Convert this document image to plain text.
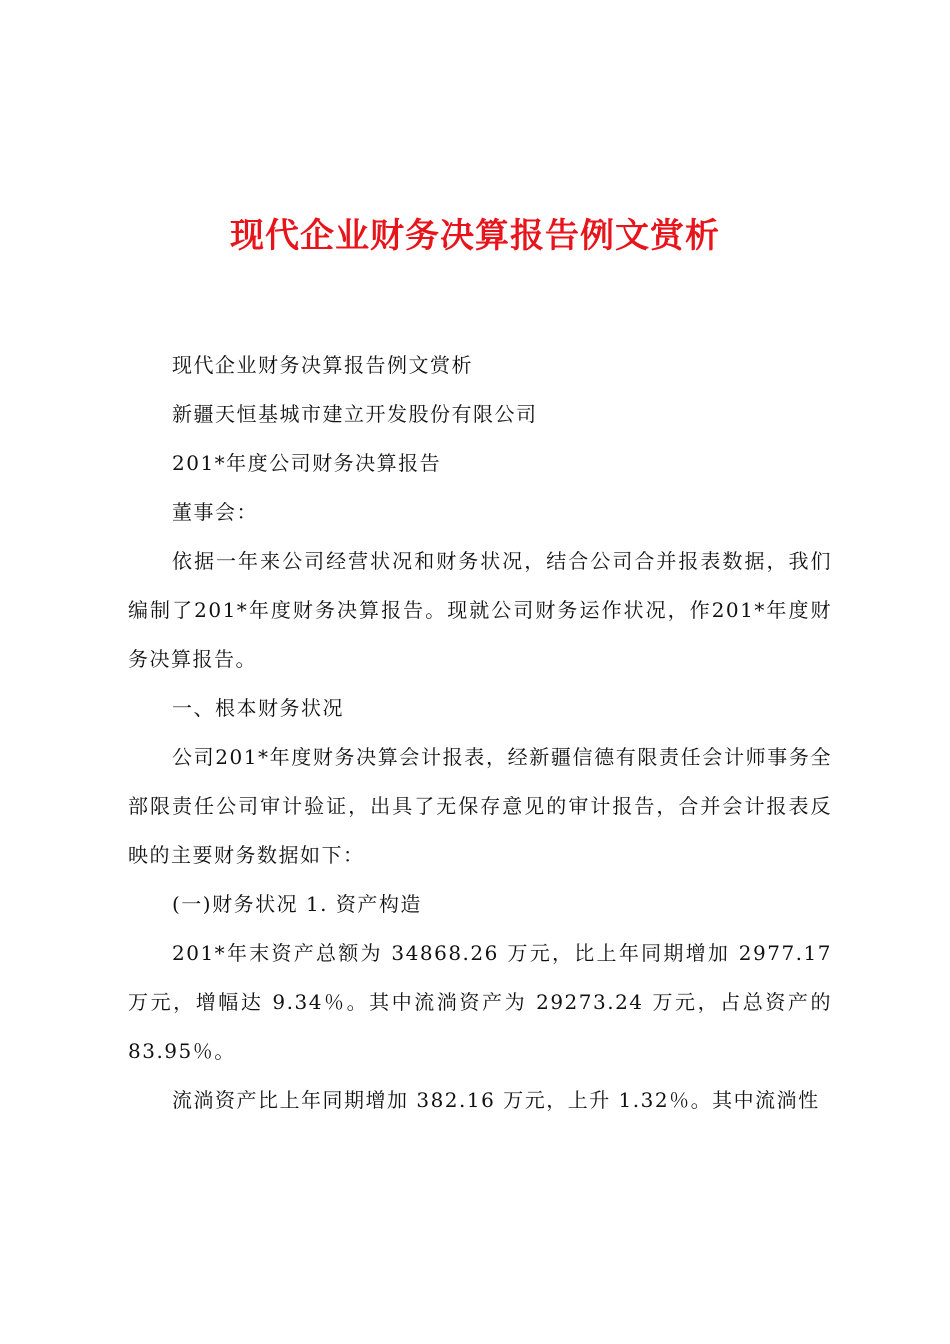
现代企业财务决算报告例文赏析

现代企业财务决算报告例文赏析

新疆天恒基城市建立开发股份有限公司

201*年度公司财务决算报告

董事会：

依据一年来公司经营状况和财务状况，结合公司合并报表数据，我们编制了201*年度财务决算报告。现就公司财务运作状况，作201*年度财务决算报告。

一、根本财务状况

公司201*年度财务决算会计报表，经新疆信德有限责任会计师事务全部限责任公司审计验证，出具了无保存意见的审计报告，合并会计报表反映的主要财务数据如下：

(一)财务状况 1. 资产构造

201*年末资产总额为 34868.26 万元，比上年同期增加 2977.17 万元，增幅达 9.34％。其中流淌资产为 29273.24 万元，占总资产的83.95％。

流淌资产比上年同期增加 382.16 万元，上升 1.32％。其中流淌性
